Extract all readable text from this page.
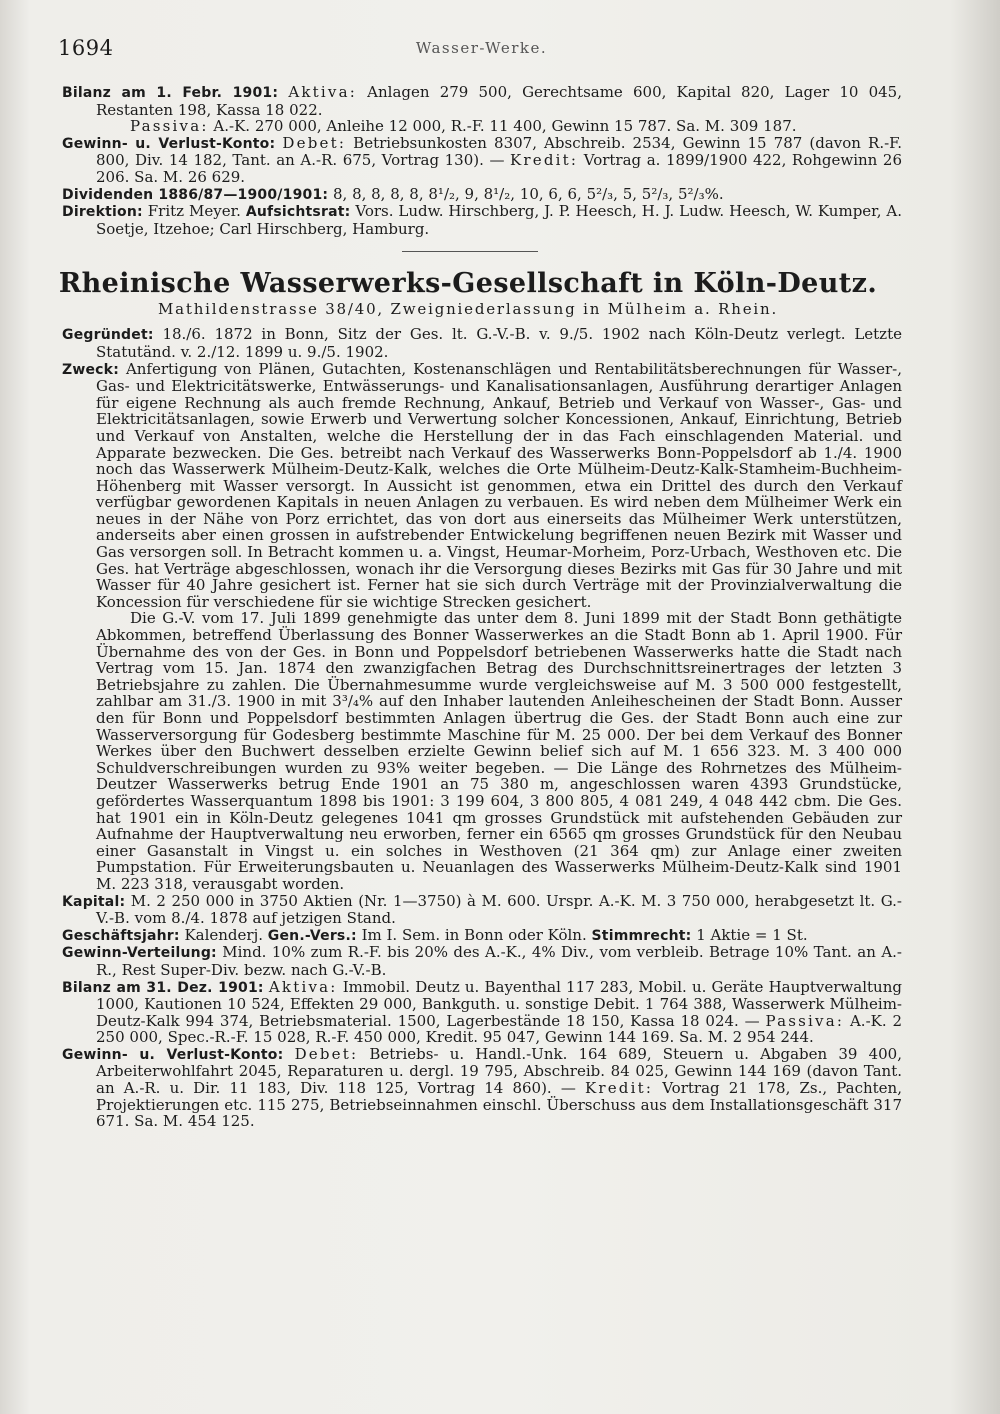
1694	Wasser-Werke.

Bilanz am 1. Febr. 1901: Aktiva: Anlagen 279 500, Gerechtsame 600, Kapital 820, Lager 10 045, Restanten 198, Kassa 18 022.

Passiva: A.-K. 270 000, Anleihe 12 000, R.-F. 11 400, Gewinn 15 787. Sa. M. 309 187.

Gewinn- u. Verlust-Konto: Debet: Betriebsunkosten 8307, Abschreib. 2534, Gewinn 15 787 (davon R.-F. 800, Div. 14 182, Tant. an A.-R. 675, Vortrag 130). — Kredit: Vortrag a. 1899/1900 422, Rohgewinn 26 206. Sa. M. 26 629.

Dividenden 1886/87—1900/1901: 8, 8, 8, 8, 8, 8¹/₂, 9, 8¹/₂, 10, 6, 6, 5²/₃, 5, 5²/₃, 5²/₃%.

Direktion: Fritz Meyer. Aufsichtsrat: Vors. Ludw. Hirschberg, J. P. Heesch, H. J. Ludw. Heesch, W. Kumper, A. Soetje, Itzehoe; Carl Hirschberg, Hamburg.

Rheinische Wasserwerks-Gesellschaft in Köln-Deutz.
Mathildenstrasse 38/40, Zweigniederlassung in Mülheim a. Rhein.

Gegründet: 18./6. 1872 in Bonn, Sitz der Ges. lt. G.-V.-B. v. 9./5. 1902 nach Köln-Deutz verlegt. Letzte Statutänd. v. 2./12. 1899 u. 9./5. 1902.

Zweck: Anfertigung von Plänen, Gutachten, Kostenanschlägen und Rentabilitätsberechnungen für Wasser-, Gas- und Elektricitätswerke, Entwässerungs- und Kanalisationsanlagen, Ausführung derartiger Anlagen für eigene Rechnung als auch fremde Rechnung, Ankauf, Betrieb und Verkauf von Wasser-, Gas- und Elektricitätsanlagen, sowie Erwerb und Verwertung solcher Koncessionen, Ankauf, Einrichtung, Betrieb und Verkauf von Anstalten, welche die Herstellung der in das Fach einschlagenden Material. und Apparate bezwecken. Die Ges. betreibt nach Verkauf des Wasserwerks Bonn-Poppelsdorf ab 1./4. 1900 noch das Wasserwerk Mülheim-Deutz-Kalk, welches die Orte Mülheim-Deutz-Kalk-Stamheim-Buchheim-Höhenberg mit Wasser versorgt. In Aussicht ist genommen, etwa ein Drittel des durch den Verkauf verfügbar gewordenen Kapitals in neuen Anlagen zu verbauen. Es wird neben dem Mülheimer Werk ein neues in der Nähe von Porz errichtet, das von dort aus einerseits das Mülheimer Werk unterstützen, anderseits aber einen grossen in aufstrebender Entwickelung begriffenen neuen Bezirk mit Wasser und Gas versorgen soll. In Betracht kommen u. a. Vingst, Heumar-Morheim, Porz-Urbach, Westhoven etc. Die Ges. hat Verträge abgeschlossen, wonach ihr die Versorgung dieses Bezirks mit Gas für 30 Jahre und mit Wasser für 40 Jahre gesichert ist. Ferner hat sie sich durch Verträge mit der Provinzialverwaltung die Koncession für verschiedene für sie wichtige Strecken gesichert.

Die G.-V. vom 17. Juli 1899 genehmigte das unter dem 8. Juni 1899 mit der Stadt Bonn gethätigte Abkommen, betreffend Überlassung des Bonner Wasserwerkes an die Stadt Bonn ab 1. April 1900. Für Übernahme des von der Ges. in Bonn und Poppelsdorf betriebenen Wasserwerks hatte die Stadt nach Vertrag vom 15. Jan. 1874 den zwanzigfachen Betrag des Durchschnittsreinertrages der letzten 3 Betriebsjahre zu zahlen. Die Übernahmesumme wurde vergleichsweise auf M. 3 500 000 festgestellt, zahlbar am 31./3. 1900 in mit 3³/₄% auf den Inhaber lautenden Anleihescheinen der Stadt Bonn. Ausser den für Bonn und Poppelsdorf bestimmten Anlagen übertrug die Ges. der Stadt Bonn auch eine zur Wasserversorgung für Godesberg bestimmte Maschine für M. 25 000. Der bei dem Verkauf des Bonner Werkes über den Buchwert desselben erzielte Gewinn belief sich auf M. 1 656 323. M. 3 400 000 Schuldverschreibungen wurden zu 93% weiter begeben. — Die Länge des Rohrnetzes des Mülheim-Deutzer Wasserwerks betrug Ende 1901 an 75 380 m, angeschlossen waren 4393 Grundstücke, gefördertes Wasserquantum 1898 bis 1901: 3 199 604, 3 800 805, 4 081 249, 4 048 442 cbm. Die Ges. hat 1901 ein in Köln-Deutz gelegenes 1041 qm grosses Grundstück mit aufstehenden Gebäuden zur Aufnahme der Hauptverwaltung neu erworben, ferner ein 6565 qm grosses Grundstück für den Neubau einer Gasanstalt in Vingst u. ein solches in Westhoven (21 364 qm) zur Anlage einer zweiten Pumpstation. Für Erweiterungsbauten u. Neuanlagen des Wasserwerks Mülheim-Deutz-Kalk sind 1901 M. 223 318, verausgabt worden.

Kapital: M. 2 250 000 in 3750 Aktien (Nr. 1—3750) à M. 600. Urspr. A.-K. M. 3 750 000, herabgesetzt lt. G.-V.-B. vom 8./4. 1878 auf jetzigen Stand.

Geschäftsjahr: Kalenderj. Gen.-Vers.: Im I. Sem. in Bonn oder Köln. Stimmrecht: 1 Aktie = 1 St.

Gewinn-Verteilung: Mind. 10% zum R.-F. bis 20% des A.-K., 4% Div., vom verbleib. Betrage 10% Tant. an A.-R., Rest Super-Div. bezw. nach G.-V.-B.

Bilanz am 31. Dez. 1901: Aktiva: Immobil. Deutz u. Bayenthal 117 283, Mobil. u. Geräte Hauptverwaltung 1000, Kautionen 10 524, Effekten 29 000, Bankguth. u. sonstige Debit. 1 764 388, Wasserwerk Mülheim-Deutz-Kalk 994 374, Betriebsmaterial. 1500, Lagerbestände 18 150, Kassa 18 024. — Passiva: A.-K. 2 250 000, Spec.-R.-F. 15 028, R.-F. 450 000, Kredit. 95 047, Gewinn 144 169. Sa. M. 2 954 244.

Gewinn- u. Verlust-Konto: Debet: Betriebs- u. Handl.-Unk. 164 689, Steuern u. Abgaben 39 400, Arbeiterwohlfahrt 2045, Reparaturen u. dergl. 19 795, Abschreib. 84 025, Gewinn 144 169 (davon Tant. an A.-R. u. Dir. 11 183, Div. 118 125, Vortrag 14 860). — Kredit: Vortrag 21 178, Zs., Pachten, Projektierungen etc. 115 275, Betriebseinnahmen einschl. Überschuss aus dem Installationsgeschäft 317 671. Sa. M. 454 125.
